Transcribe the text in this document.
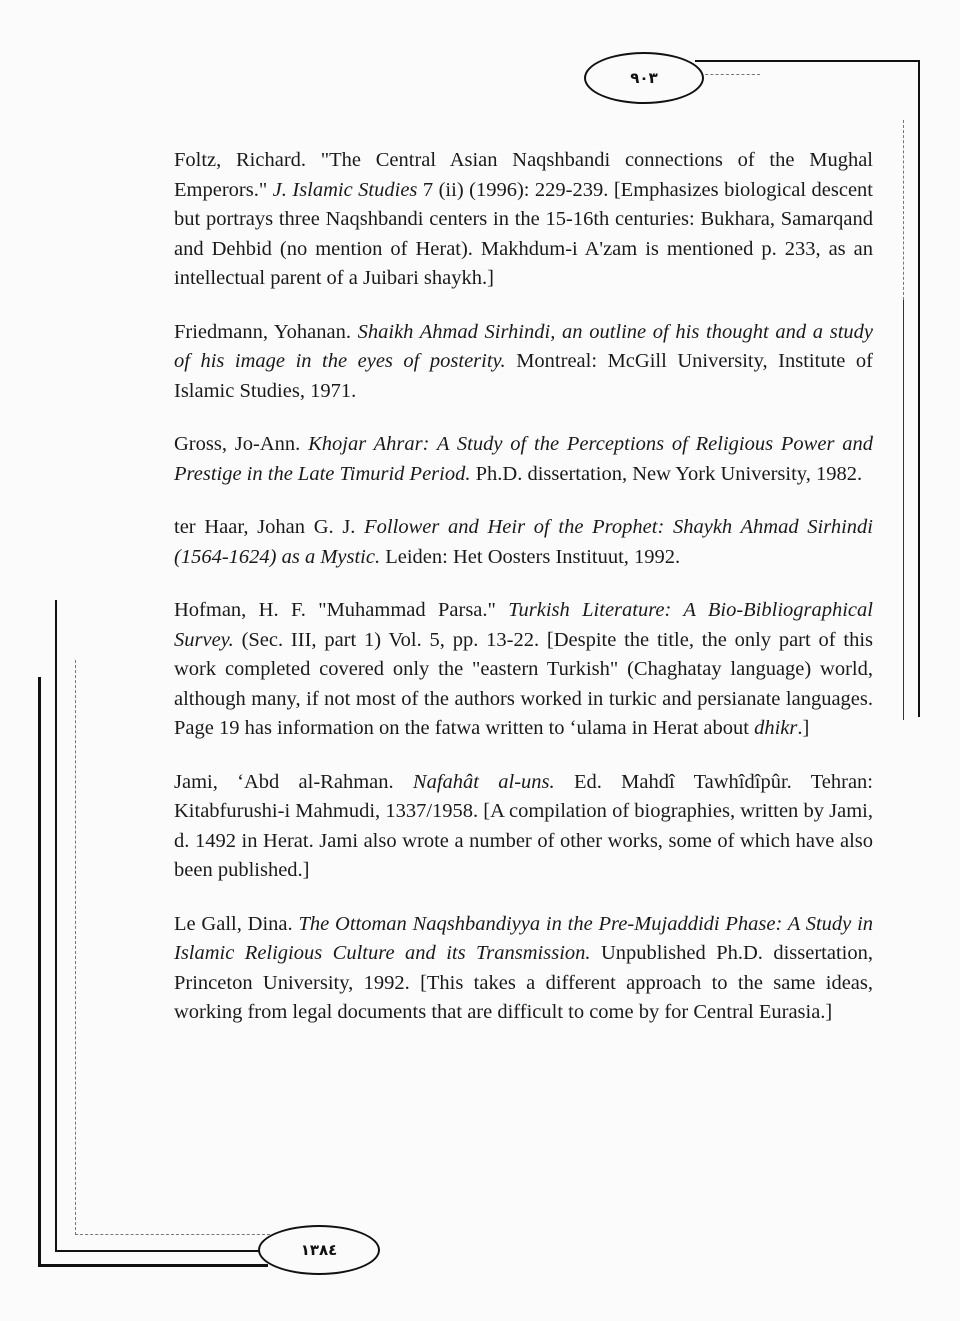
٩٠٣
١٣٨٤

Foltz, Richard. "The Central Asian Naqshbandi connections of the Mughal Emperors." J. Islamic Studies 7 (ii) (1996): 229-239. [Emphasizes biological descent but portrays three Naqshbandi centers in the 15-16th centuries: Bukhara, Samarqand and Dehbid (no mention of Herat). Makhdum-i A'zam is mentioned p. 233, as an intellectual parent of a Juibari shaykh.]

Friedmann, Yohanan. Shaikh Ahmad Sirhindi, an outline of his thought and a study of his image in the eyes of posterity. Montreal: McGill University, Institute of Islamic Studies, 1971.

Gross, Jo-Ann. Khojar Ahrar: A Study of the Perceptions of Religious Power and Prestige in the Late Timurid Period. Ph.D. dissertation, New York University, 1982.

ter Haar, Johan G. J. Follower and Heir of the Prophet: Shaykh Ahmad Sirhindi (1564-1624) as a Mystic. Leiden: Het Oosters Instituut, 1992.

Hofman, H. F. "Muhammad Parsa." Turkish Literature: A Bio-Bibliographical Survey. (Sec. III, part 1) Vol. 5, pp. 13-22. [Despite the title, the only part of this work completed covered only the "eastern Turkish" (Chaghatay language) world, although many, if not most of the authors worked in turkic and persianate languages. Page 19 has information on the fatwa written to ‘ulama in Herat about dhikr.]

Jami, ‘Abd al-Rahman. Nafahât al-uns. Ed. Mahdî Tawhîdîpûr. Tehran: Kitabfurushi-i Mahmudi, 1337/1958. [A compilation of biographies, written by Jami, d. 1492 in Herat. Jami also wrote a number of other works, some of which have also been published.]

Le Gall, Dina. The Ottoman Naqshbandiyya in the Pre-Mujaddidi Phase: A Study in Islamic Religious Culture and its Transmission. Unpublished Ph.D. dissertation, Princeton University, 1992. [This takes a different approach to the same ideas, working from legal documents that are difficult to come by for Central Eurasia.]
